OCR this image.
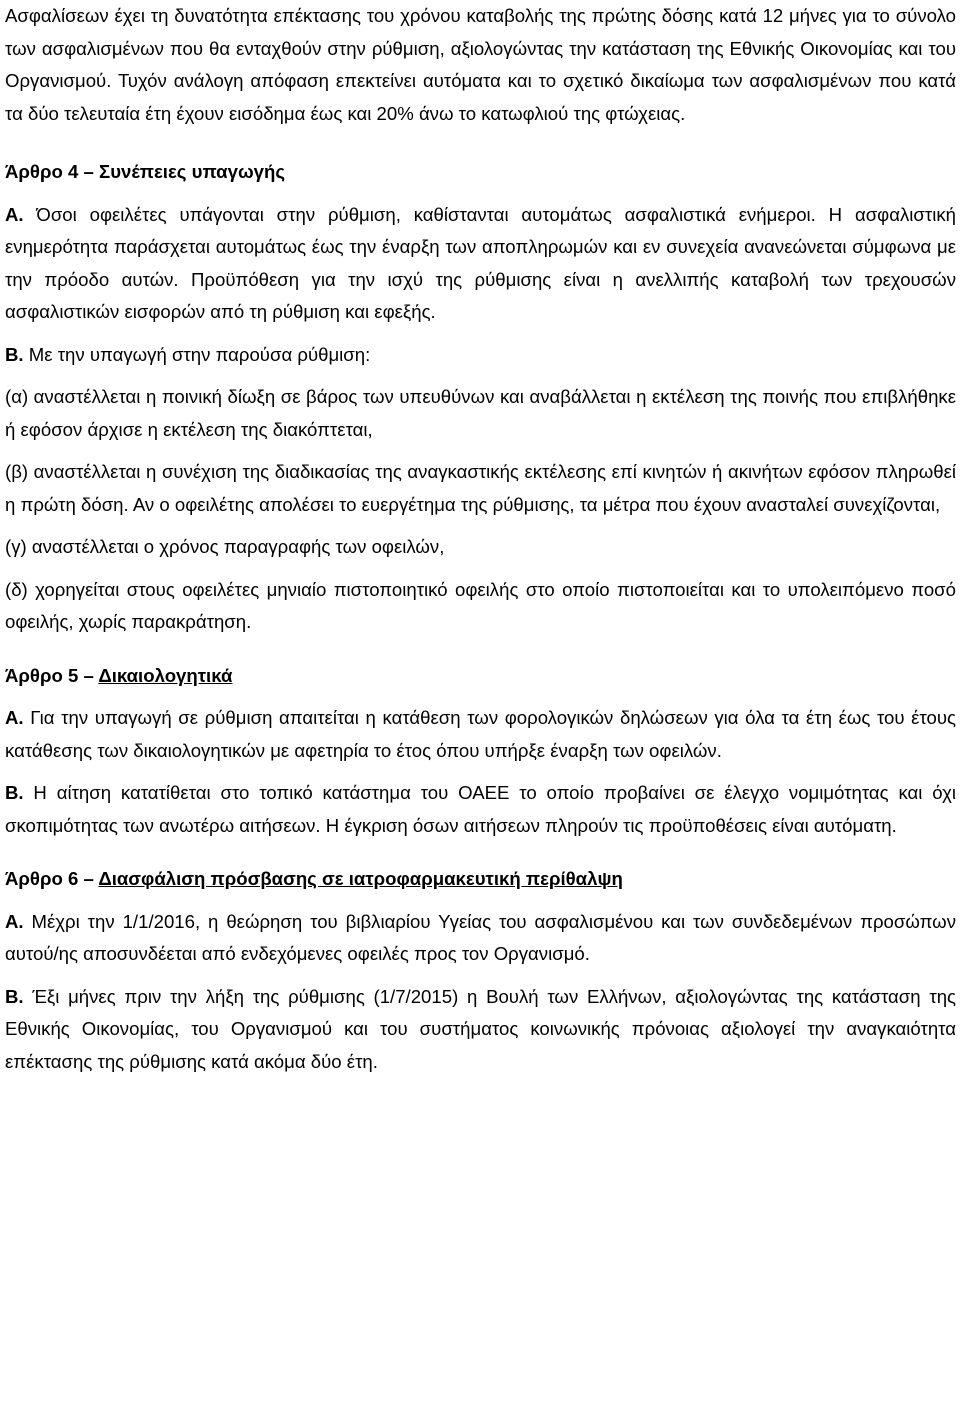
Ασφαλίσεων έχει τη δυνατότητα επέκτασης του χρόνου καταβολής της πρώτης δόσης κατά 12 μήνες για το σύνολο των ασφαλισμένων που θα ενταχθούν στην ρύθμιση, αξιολογώντας την κατάσταση της Εθνικής Οικονομίας και του Οργανισμού. Τυχόν ανάλογη απόφαση επεκτείνει αυτόματα και το σχετικό δικαίωμα των ασφαλισμένων που κατά τα δύο τελευταία έτη έχουν εισόδημα έως και 20% άνω το κατωφλιού της φτώχειας.

Άρθρο 4 – Συνέπειες υπαγωγής

Α. Όσοι οφειλέτες υπάγονται στην ρύθμιση, καθίστανται αυτομάτως ασφαλιστικά ενήμεροι. Η ασφαλιστική ενημερότητα παράσχεται αυτομάτως έως την έναρξη των αποπληρωμών και εν συνεχεία ανανεώνεται σύμφωνα με την πρόοδο αυτών. Προϋπόθεση για την ισχύ της ρύθμισης είναι η ανελλιπής καταβολή των τρεχουσών ασφαλιστικών εισφορών από τη ρύθμιση και εφεξής.

Β. Με την υπαγωγή στην παρούσα ρύθμιση:

(α) αναστέλλεται η ποινική δίωξη σε βάρος των υπευθύνων και αναβάλλεται η εκτέλεση της ποινής που επιβλήθηκε ή εφόσον άρχισε η εκτέλεση της διακόπτεται,

(β) αναστέλλεται η συνέχιση της διαδικασίας της αναγκαστικής εκτέλεσης επί κινητών ή ακινήτων εφόσον πληρωθεί η πρώτη δόση. Αν ο οφειλέτης απολέσει το ευεργέτημα της ρύθμισης, τα μέτρα που έχουν ανασταλεί συνεχίζονται,

(γ) αναστέλλεται ο χρόνος παραγραφής των οφειλών,

(δ) χορηγείται στους οφειλέτες μηνιαίο πιστοποιητικό οφειλής στο οποίο πιστοποιείται και το υπολειπόμενο ποσό οφειλής, χωρίς παρακράτηση.

Άρθρο 5 – Δικαιολογητικά

Α. Για την υπαγωγή σε ρύθμιση απαιτείται η κατάθεση των φορολογικών δηλώσεων για όλα τα έτη έως του έτους κατάθεσης των δικαιολογητικών με αφετηρία το έτος όπου υπήρξε έναρξη των οφειλών.

Β. Η αίτηση κατατίθεται στο τοπικό κατάστημα του ΟΑΕΕ το οποίο προβαίνει σε έλεγχο νομιμότητας και όχι σκοπιμότητας των ανωτέρω αιτήσεων. Η έγκριση όσων αιτήσεων πληρούν τις προϋποθέσεις είναι αυτόματη.

Άρθρο 6 – Διασφάλιση πρόσβασης σε ιατροφαρμακευτική περίθαλψη

Α. Μέχρι την 1/1/2016, η θεώρηση του βιβλιαρίου Υγείας του ασφαλισμένου και των συνδεδεμένων προσώπων αυτού/ης αποσυνδέεται από ενδεχόμενες οφειλές προς τον Οργανισμό.

Β. Έξι μήνες πριν την λήξη της ρύθμισης (1/7/2015) η Βουλή των Ελλήνων, αξιολογώντας της κατάσταση της Εθνικής Οικονομίας, του Οργανισμού και του συστήματος κοινωνικής πρόνοιας αξιολογεί την αναγκαιότητα επέκτασης της ρύθμισης κατά ακόμα δύο έτη.
